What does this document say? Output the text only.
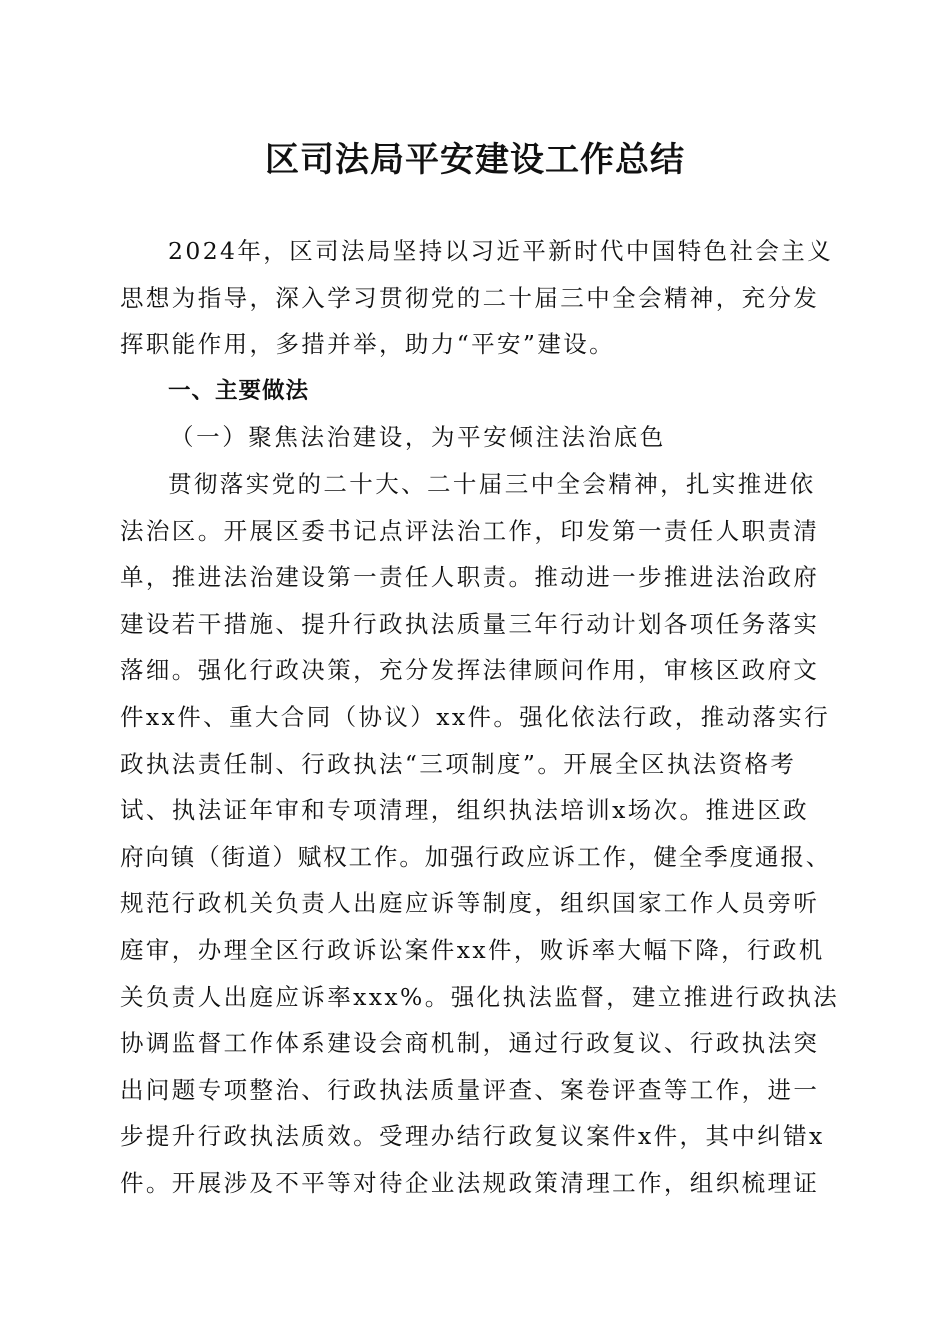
区司法局平安建设工作总结
2024年，区司法局坚持以习近平新时代中国特色社会主义
思想为指导，深入学习贯彻党的二十届三中全会精神，充分发
挥职能作用，多措并举，助力“平安”建设。
一、主要做法
（一）聚焦法治建设，为平安倾注法治底色
贯彻落实党的二十大、二十届三中全会精神，扎实推进依
法治区。开展区委书记点评法治工作，印发第一责任人职责清
单，推进法治建设第一责任人职责。推动进一步推进法治政府
建设若干措施、提升行政执法质量三年行动计划各项任务落实
落细。强化行政决策，充分发挥法律顾问作用，审核区政府文
件xx件、重大合同（协议）xx件。强化依法行政，推动落实行
政执法责任制、行政执法“三项制度”。开展全区执法资格考
试、执法证年审和专项清理，组织执法培训x场次。推进区政
府向镇（街道）赋权工作。加强行政应诉工作，健全季度通报、
规范行政机关负责人出庭应诉等制度，组织国家工作人员旁听
庭审，办理全区行政诉讼案件xx件，败诉率大幅下降，行政机
关负责人出庭应诉率xxx%。强化执法监督，建立推进行政执法
协调监督工作体系建设会商机制，通过行政复议、行政执法突
出问题专项整治、行政执法质量评查、案卷评查等工作，进一
步提升行政执法质效。受理办结行政复议案件x件，其中纠错x
件。开展涉及不平等对待企业法规政策清理工作，组织梳理证
